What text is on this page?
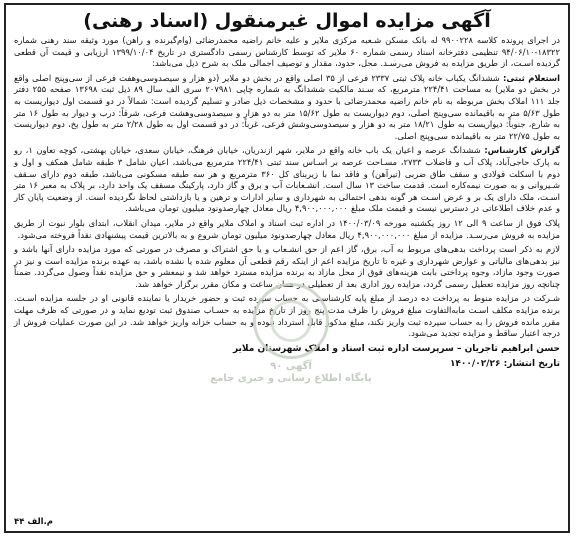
آگهی مزایده اموال غیرمنقول (اسناد رهنی)

در اجرای پرونده کلاسه ۹۹۰۰۲۲۸ له بانک مسکن شـعبه مرکزی ملایر و علیه خانم راضیه محمدرضائی (وام‌گیرنده و راهن) مورد وثیقه سند رهنی شماره ۱۸۳۲۲-۹۴/۰۶/۱۰ تنظیمی دفترخانه اسناد رسمی شماره ۶۰ ملایر که توسط کارشناس رسمی دادگستری در تاریخ ۱۳۹۹/۱۰/۰۴ ارزیابی و قیمت آن قطعی گردیده اسـت، از طریق مزایده به فروش می‌رسـد. محل، حدود، مقدار و توصیف اجمالی ملک به شرح ذیل می‌باشد:

استعلام ثبتی: ششدانگ یکباب خانه پلاک ثبتی ۲۳۳۷ فرعی از ۳۵ اصلی واقع در بخش دو ملایر (دو هزار و سیصدوسی‌وهفت فرعی از سی‌وپنج اصلی واقع در بخش دو ملایر) به مساحت ۲۲۴/۴۱ مترمربع، که سـند مالکیت ششدانگ به شماره چاپی ۲۰۷۹۸۱ سری الف سال ۸۹ ذیل ثبت ۱۳۶۹۸ صفحه ۲۵۵ دفتر جلد ۱۱۱ املاک بخش مربوطه به نام خانم راضیه محمدرضائی با حدود و مشخصات ذیل صادر و تسلیم گردیده است: شمالاً در دو قسمت اول دیواریست به طول ۵/۶۳ متر به باقیمانده سی‌وپنج اصلی، دوم دیواریست به طول ۱۵/۶۲ متر به دو هزار و سیصدوسی‌وهشت فرعی، شرقاً: درب و دیوار به طول ۱۶ متر به شارع، جنوباً: دیواریست به طول ۱۸/۲۱ متر به دو هزار و سیصدوسی‌وشش فرعی، غرباً: در دو قسمت اول به طول ۲/۲۸ متر به طول یخ، دوم دیواریست به طول ۲۲/۷۵ متر به باقیمانده سی‌وپنج اصلی.

گزارش کارشناس: ششدانگ عرصه و اعیان یک باب خانه واقع در ملایر، شهر ازندریان، خیابان فرهنگ، خیابان سعدی، خیابان بهشتی، کوچه تعاون ۱، رو به پارک حاجی‌آباد، پلاک آب و فاضلاب ۲۷۳۳، مسـاحت عرصه بر اسـاس سند ثبتی ۲۲۴/۴۱ مترمربع می‌باشد، اعیان شامل ۳ طبقه شامل همکف و اول و دوم با اسکلت فولادی و سقف طاق ضربی (تیرآهن) و فاقد نما با زیربنای کل ۳۶۰ مترمربع و هر سه طبقه مسکونی می‌باشد، طبقه دوم دارای سـقف شـیروانی و به صورت نیمه‌کاره است. قدمت ساخت ۱۳ سال است. انشـعابات آب و برق و گاز دارد، پارکینگ مسقف یک واحد دارد، بر پلاک به معبر ۱۶ متر اسـت، ملک دارای یک بر و عرض اسـت هر گونه بدهی احتمالی به شهرداری و سایر ادارات و ترهین و یا بازداشتی لحاظ نگردیده است. از وضعیت پایان کار و عدم خلاف اطلاعاتی در دسترس نیست و قیمت ملک مبلغ ۴,۹۰۰,۰۰۰,۰۰۰ ریال معادل چهارصدونود میلیون تومان می‌باشد.

پلاک فوق از ساعت ۹ الی ۱۲ روز یکشنبه مورخه ۱۴۰۰/۰۳/۰۹ در اداره ثبت اسناد و املاک ملایر واقع در ملایر، میدان انقلاب، ابتدای بلوار نبوت از طریق مزایده به فروش می‌رسـد. مزایده از مبلغ ۴,۹۰۰,۰۰۰,۰۰۰ ریال معادل چهارصدونود میلیون تومان شروع و به بالاترین قیمت پیشنهادی نقداً فروخته می‌شود.

لازم به ذکر است پرداخت بدهی‌های مربوط به آب، برق، گاز اعم از حق انشـعاب و یا حق اشتراک و مصرف در صورتی که مورد مزایده دارای آنها باشد و نیز بدهی‌های مالیاتی و عوارض شهرداری و غیره تا تاریخ مزایده اعم از اینکه رقم قطعی آن معلوم شده یا نشده باشد، به عهده برنده مزایده است و نیز در صورت وجود مازاد، وجوه پرداختی بابت هزینه‌های فوق از محل مازاد به برنده مزایده مسترد خواهد شد و نیمعشر و حق مزایده نقداً وصول می‌گردد. ضمناً چنانچه روز مزایده تعطیل رسمی گردد، مزایده روز اداری بعد از تعطیلی در همان ساعت و مکان مقرر برگزار خواهد شد.

شـرکت در مزایده منوط به پرداخت ده درصد از مبلغ پایه کارشناسـی به حساب سپرده ثبت و حضور خریدار یا نماینده قانونی او در جلسه مزایده اسـت. برنده مزایده مکلف اسـت مابه‌التفاوت مبلغ فروش را ظرف مدت پنج روز از تاریخ مزایده به حسـاب صندوق ثبت تودیع نماید و در صورتی که ظرف مهلت مقرر مانده فروش را به حساب سپرده ثبت واریز نکند، مبلغ مذکور قابل استرداد نبوده و به حساب خزانه واریز خواهد شد. در این صورت عملیات فروش از درجه اعتبار ساقط و مزایده تجدید می‌شود.

حسن ابراهیم تاجریان – سرپرست اداره ثبت اسناد و املاک شهرستان ملایر
تاریخ انتشار: ۱۴۰۰/۰۲/۲۶
آگهی ۹۰
پایگاه اطلاع رسانی و خبری جامع
م.الف ۴۴
